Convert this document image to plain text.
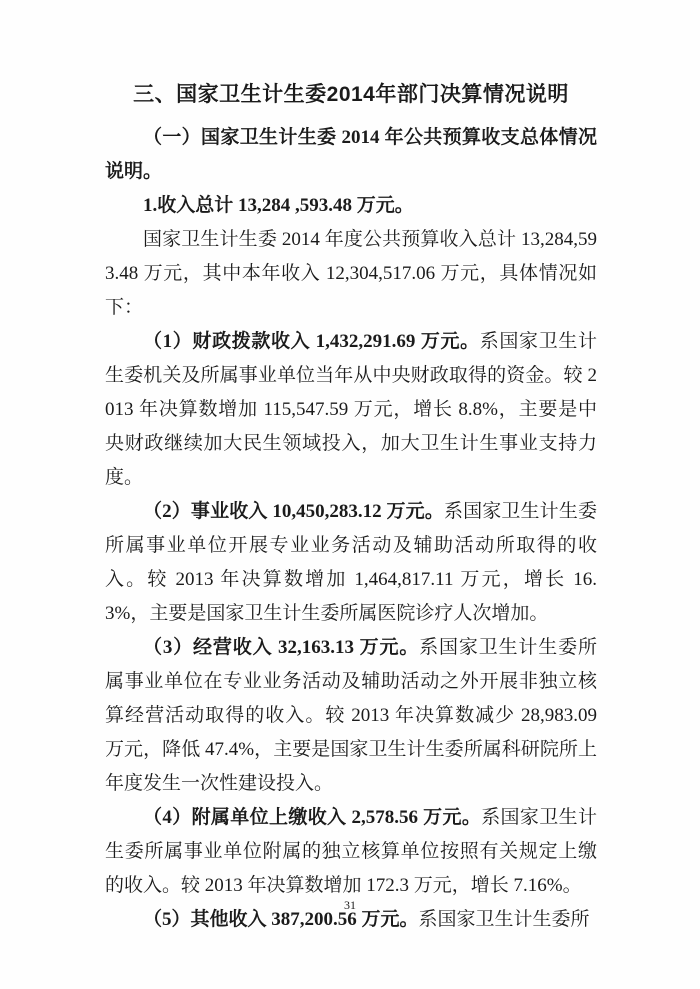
三、国家卫生计生委2014年部门决算情况说明

（一）国家卫生计生委 2014 年公共预算收支总体情况说明。

1.收入总计 13,284 ,593.48 万元。

国家卫生计生委 2014 年度公共预算收入总计 13,284,593.48 万元，其中本年收入 12,304,517.06 万元，具体情况如下：

（1）财政拨款收入 1,432,291.69 万元。系国家卫生计生委机关及所属事业单位当年从中央财政取得的资金。较 2013 年决算数增加 115,547.59 万元，增长 8.8%，主要是中央财政继续加大民生领域投入，加大卫生计生事业支持力度。

（2）事业收入 10,450,283.12 万元。系国家卫生计生委所属事业单位开展专业业务活动及辅助活动所取得的收入。较 2013 年决算数增加 1,464,817.11 万元，增长 16.3%，主要是国家卫生计生委所属医院诊疗人次增加。

（3）经营收入 32,163.13 万元。系国家卫生计生委所属事业单位在专业业务活动及辅助活动之外开展非独立核算经营活动取得的收入。较 2013 年决算数减少 28,983.09 万元，降低 47.4%，主要是国家卫生计生委所属科研院所上年度发生一次性建设投入。

（4）附属单位上缴收入 2,578.56 万元。系国家卫生计生委所属事业单位附属的独立核算单位按照有关规定上缴的收入。较 2013 年决算数增加 172.3 万元，增长 7.16%。

（5）其他收入 387,200.56 万元。系国家卫生计生委所

31
